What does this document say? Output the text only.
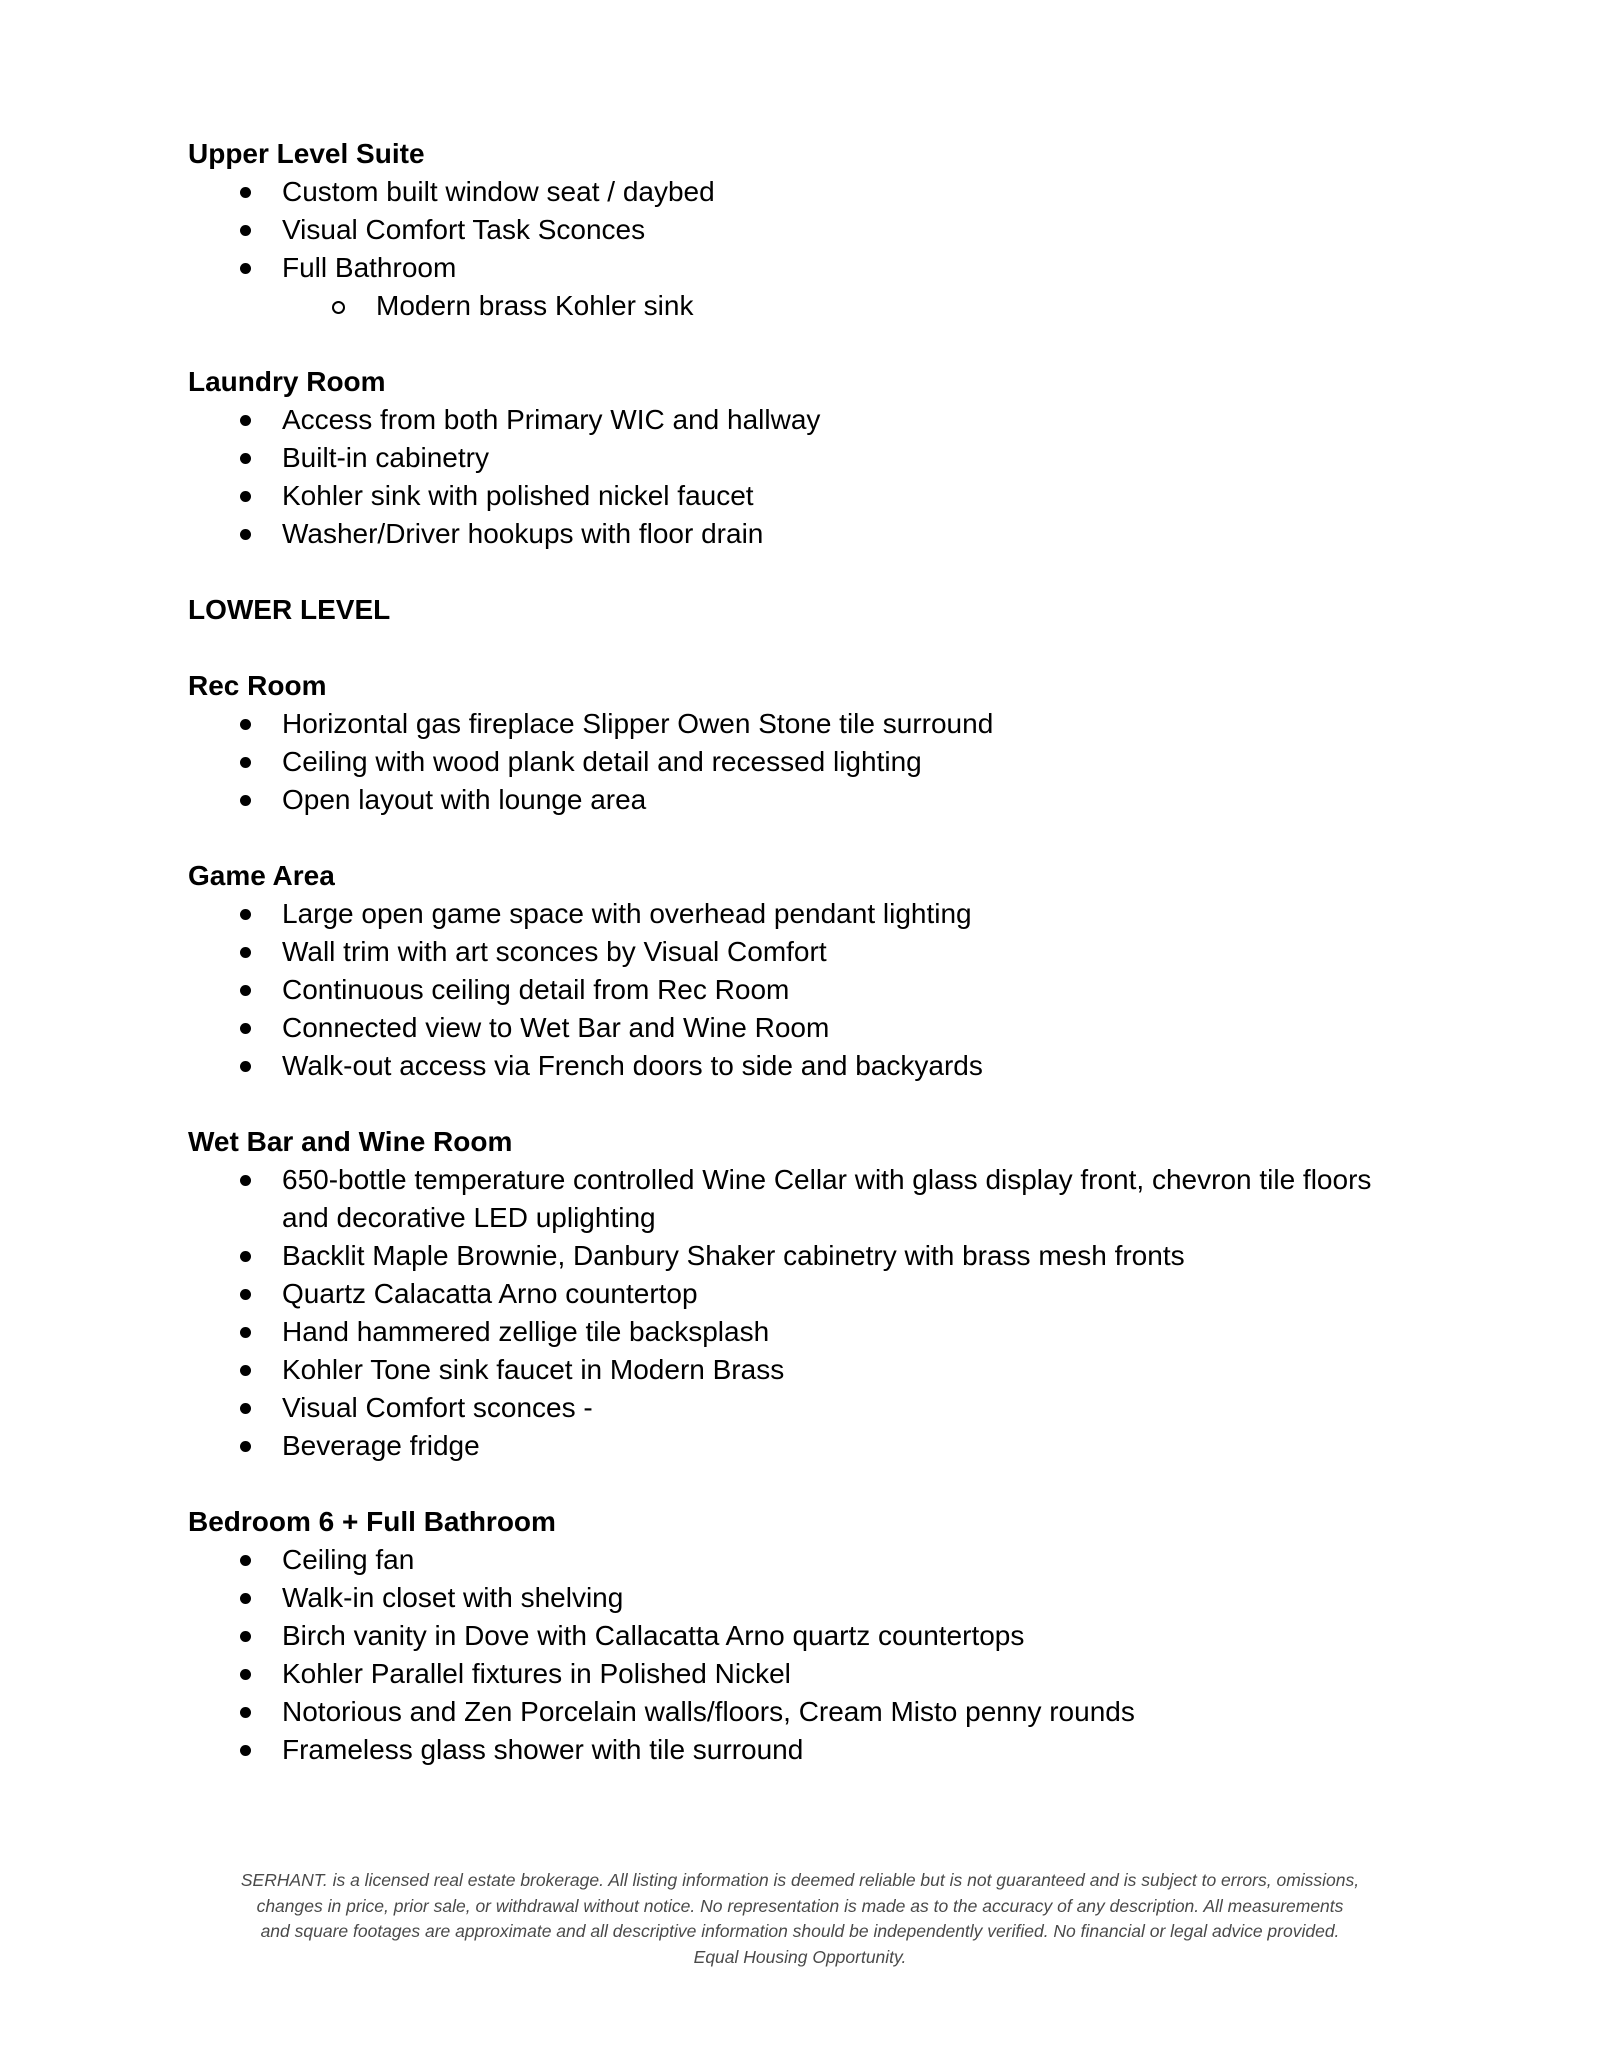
Upper Level Suite
Custom built window seat / daybed
Visual Comfort Task Sconces
Full Bathroom
Modern brass Kohler sink
Laundry Room
Access from both Primary WIC and hallway
Built-in cabinetry
Kohler sink with polished nickel faucet
Washer/Driver hookups with floor drain
LOWER LEVEL
Rec Room
Horizontal gas fireplace Slipper Owen Stone tile surround
Ceiling with wood plank detail and recessed lighting
Open layout with lounge area
Game Area
Large open game space with overhead pendant lighting
Wall trim with art sconces by Visual Comfort
Continuous ceiling detail from Rec Room
Connected view to Wet Bar and Wine Room
Walk-out access via French doors to side and backyards
Wet Bar and Wine Room
650-bottle temperature controlled Wine Cellar with glass display front, chevron tile floors and decorative LED uplighting
Backlit Maple Brownie, Danbury Shaker cabinetry with brass mesh fronts
Quartz Calacatta Arno countertop
Hand hammered zellige tile backsplash
Kohler Tone sink faucet in Modern Brass
Visual Comfort sconces -
Beverage fridge
Bedroom 6 + Full Bathroom
Ceiling fan
Walk-in closet with shelving
Birch vanity in Dove with Callacatta Arno quartz countertops
Kohler Parallel fixtures in Polished Nickel
Notorious and Zen Porcelain walls/floors, Cream Misto penny rounds
Frameless glass shower with tile surround
SERHANT. is a licensed real estate brokerage. All listing information is deemed reliable but is not guaranteed and is subject to errors, omissions,
changes in price, prior sale, or withdrawal without notice. No representation is made as to the accuracy of any description. All measurements
and square footages are approximate and all descriptive information should be independently verified. No financial or legal advice provided.
Equal Housing Opportunity.
